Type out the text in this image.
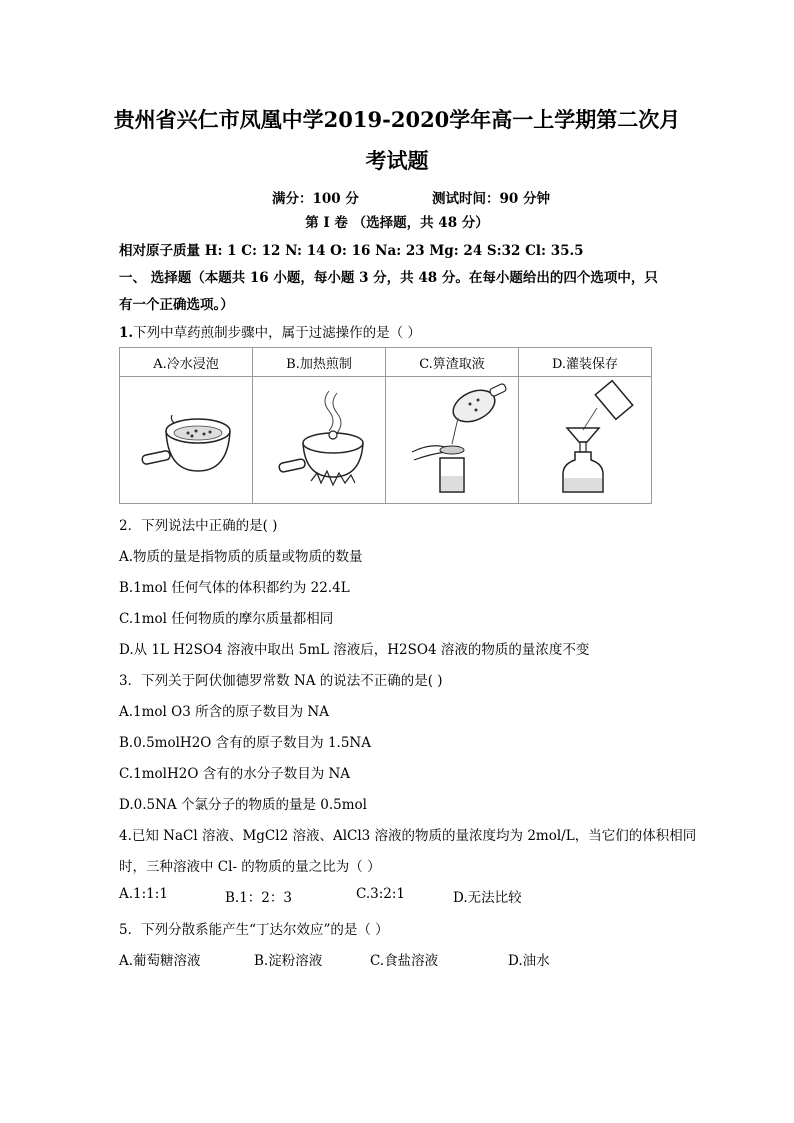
贵州省兴仁市凤凰中学2019-2020学年高一上学期第二次月
考试题
满分：100 分	测试时间：90 分钟
第 I 卷 （选择题，共 48 分）
相对原子质量 H: 1 C: 12 N: 14 O: 16 Na: 23 Mg: 24 S:32 Cl: 35.5
一、 选择题（本题共 16 小题，每小题 3 分，共 48 分。在每小题给出的四个选项中，只
有一个正确选项。）
1.下列中草药煎制步骤中，属于过滤操作的是（ ）
A.冷水浸泡	B.加热煎制	C.箅渣取液	D.灌装保存

2．下列说法中正确的是( )
A.物质的量是指物质的质量或物质的数量
B.1mol 任何气体的体积都约为 22.4L
C.1mol 任何物质的摩尔质量都相同
D.从 1L H2SO4 溶液中取出 5mL 溶液后，H2SO4 溶液的物质的量浓度不变
3．下列关于阿伏伽德罗常数 NA 的说法不正确的是( )
A.1mol O3 所含的原子数目为 NA
B.0.5molH2O 含有的原子数目为 1.5NA
C.1molH2O 含有的水分子数目为 NA
D.0.5NA 个氯分子的物质的量是 0.5mol
4.已知 NaCl 溶液、MgCl2 溶液、AlCl3 溶液的物质的量浓度均为 2mol/L，当它们的体积相同
时，三种溶液中 Cl- 的物质的量之比为（ ）
A.1:1:1	B.1：2：3	C.3:2:1	D.无法比较
5．下列分散系能产生“丁达尔效应”的是（ ）
A.葡萄糖溶液	B.淀粉溶液	C.食盐溶液	D.油水
